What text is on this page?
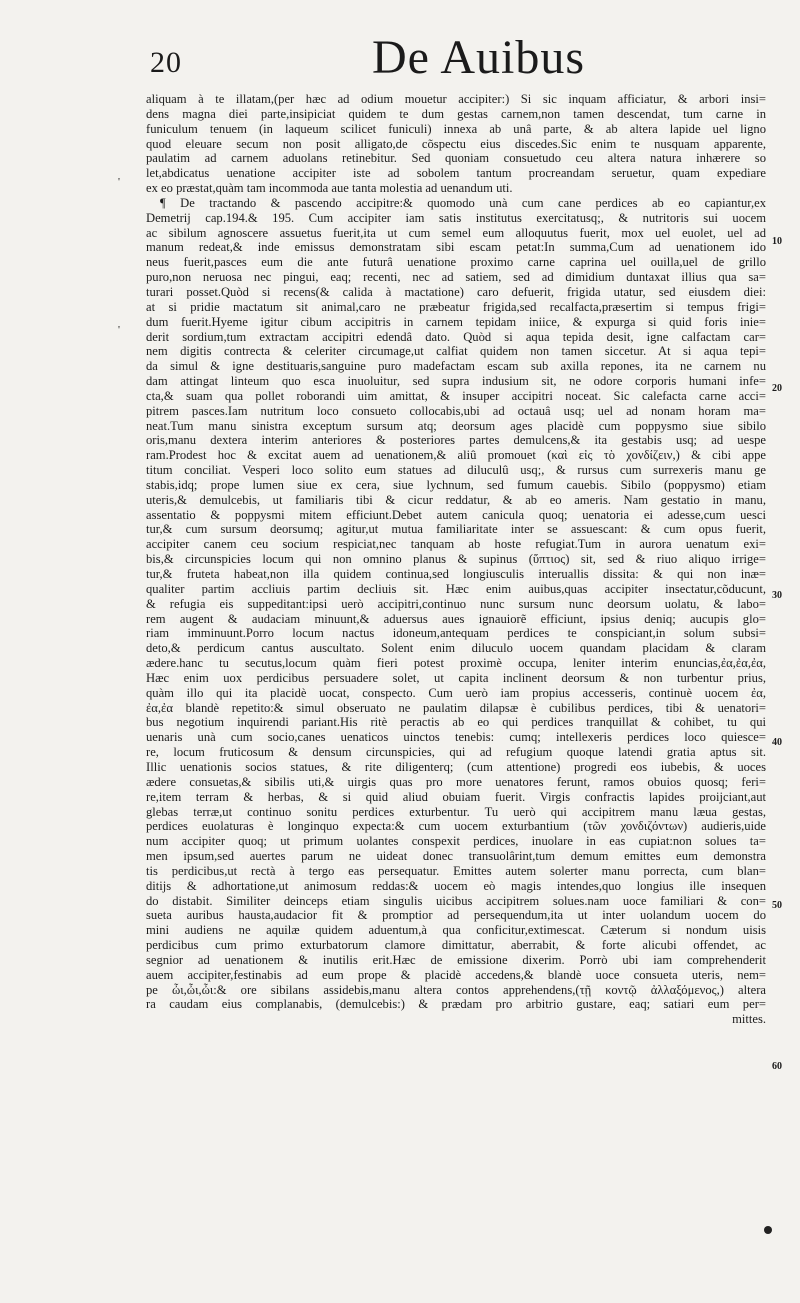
20	De Auibus
'
'
10
20
30
40
50
60
aliquam à te illatam,(per hæc ad odium mouetur accipiter:) Si sic inquam afficiatur, & arbori insi=
dens magna diei parte,insipiciat quidem te dum gestas carnem,non tamen descendat, tum carne in
funiculum tenuem (in laqueum scilicet funiculi) innexa ab unâ parte, & ab altera lapide uel ligno
quod eleuare secum non posit alligato,de cõspectu eius discedes.Sic enim te nusquam apparente,
paulatim ad carnem aduolans retinebitur. Sed quoniam consuetudo ceu altera natura inhærere so
let,abdicatus uenatione accipiter iste ad sobolem tantum procreandam seruetur, quam expediare
ex eo præstat,quàm tam incommoda aue tanta molestia ad uenandum uti.
¶ De tractando & pascendo accipitre:& quomodo unà cum cane perdices ab eo capiantur,ex
Demetrij cap.194.& 195. Cum accipiter iam satis institutus exercitatusq;, & nutritoris sui uocem
ac sibilum agnoscere assuetus fuerit,ita ut cum semel eum alloquutus fuerit, mox uel euolet, uel ad
manum redeat,& inde emissus demonstratam sibi escam petat:In summa,Cum ad uenationem ido
neus fuerit,pasces eum die ante futurâ uenatione proximo carne caprina uel ouilla,uel de grillo
puro,non neruosa nec pingui, eaq; recenti, nec ad satiem, sed ad dimidium duntaxat illius qua sa=
turari posset.Quòd si recens(& calida à mactatione) caro defuerit, frigida utatur, sed eiusdem diei:
at si pridie mactatum sit animal,caro ne præbeatur frigida,sed recalfacta,præsertim si tempus frigi=
dum fuerit.Hyeme igitur cibum accipitris in carnem tepidam iniice, & expurga si quid foris inie=
derit sordium,tum extractam accipitri edendâ dato. Quòd si aqua tepida desit, igne calfactam car=
nem digitis contrecta & celeriter circumage,ut calfiat quidem non tamen siccetur. At si aqua tepi=
da simul & igne destituaris,sanguine puro madefactam escam sub axilla repones, ita ne carnem nu
dam attingat linteum quo esca inuoluitur, sed supra indusium sit, ne odore corporis humani infe=
cta,& suam qua pollet roborandi uim amittat, & insuper accipitri noceat. Sic calefacta carne acci=
pitrem pasces.Iam nutritum loco consueto collocabis,ubi ad octauâ usq; uel ad nonam horam ma=
neat.Tum manu sinistra exceptum sursum atq; deorsum ages placidè cum poppysmo siue sibilo
oris,manu dextera interim anteriores & posteriores partes demulcens,& ita gestabis usq; ad uespe
ram.Prodest hoc & excitat auem ad uenationem,& aliû promouet (καὶ εἰς τὸ χονδίζειν,) & cibi appe
titum conciliat. Vesperi loco solito eum statues ad diluculû usq;, & rursus cum surrexeris manu ge
stabis,idq; prope lumen siue ex cera, siue lychnum, sed fumum cauebis. Sibilo (poppysmo) etiam
uteris,& demulcebis, ut familiaris tibi & cicur reddatur, & ab eo ameris. Nam gestatio in manu,
assentatio & poppysmi mitem efficiunt.Debet autem canicula quoq; uenatoria ei adesse,cum uesci
tur,& cum sursum deorsumq; agitur,ut mutua familiaritate inter se assuescant: & cum opus fuerit,
accipiter canem ceu socium respiciat,nec tanquam ab hoste refugiat.Tum in aurora uenatum exi=
bis,& circunspicies locum qui non omnino planus & supinus (ὕπτιος) sit, sed & riuo aliquo irrige=
tur,& fruteta habeat,non illa quidem continua,sed longiusculis interuallis dissita: & qui non inæ=
qualiter partim accliuis partim decliuis sit. Hæc enim auibus,quas accipiter insectatur,cõducunt,
& refugia eis suppeditant:ipsi uerò accipitri,continuo nunc sursum nunc deorsum uolatu, & labo=
rem augent & audaciam minuunt,& aduersus aues ignauiorẽ efficiunt, ipsius deniq; aucupis glo=
riam imminuunt.Porro locum nactus idoneum,antequam perdices te conspiciant,in solum subsi=
deto,& perdicum cantus auscultato. Solent enim diluculo uocem quandam placidam & claram
ædere.hanc tu secutus,locum quàm fieri potest proximè occupa, leniter interim enuncias,ἐα,ἐα,ἐα,
Hæc enim uox perdicibus persuadere solet, ut capita inclinent deorsum & non turbentur prius,
quàm illo qui ita placidè uocat, conspecto. Cum uerò iam propius accesseris, continuè uocem ἐα,
ἐα,ἐα blandè repetito:& simul obseruato ne paulatim dilapsæ è cubilibus perdices, tibi & uenatori=
bus negotium inquirendi pariant.His ritè peractis ab eo qui perdices tranquillat & cohibet, tu qui
uenaris unà cum socio,canes uenaticos uinctos tenebis: cumq; intellexeris perdices loco quiesce=
re, locum fruticosum & densum circunspicies, qui ad refugium quoque latendi gratia aptus sit.
Illic uenationis socios statues, & rite diligenterq; (cum attentione) progredi eos iubebis, & uoces
ædere consuetas,& sibilis uti,& uirgis quas pro more uenatores ferunt, ramos obuios quosq; feri=
re,item terram & herbas, & si quid aliud obuiam fuerit. Virgis confractis lapides proijciant,aut
glebas terræ,ut continuo sonitu perdices exturbentur. Tu uerò qui accipitrem manu læua gestas,
perdices euolaturas è longinquo expecta:& cum uocem exturbantium (τῶν χονδιζόντων) audieris,uide
num accipiter quoq; ut primum uolantes conspexit perdices, inuolare in eas cupiat:non solues ta=
men ipsum,sed auertes parum ne uideat donec transuolârint,tum demum emittes eum demonstra
tis perdicibus,ut rectà à tergo eas persequatur. Emittes autem solerter manu porrecta, cum blan=
ditijs & adhortatione,ut animosum reddas:& uocem eò magis intendes,quo longius ille insequen
do distabit. Similiter deinceps etiam singulis uicibus accipitrem solues.nam uoce familiari & con=
sueta auribus hausta,audacior fit & promptior ad persequendum,ita ut inter uolandum uocem do
mini audiens ne aquilæ quidem aduentum,à qua conficitur,extimescat. Cæterum si nondum uisis
perdicibus cum primo exturbatorum clamore dimittatur, aberrabit, & forte alicubi offendet, ac
segnior ad uenationem & inutilis erit.Hæc de emissione dixerim. Porrò ubi iam comprehenderit
auem accipiter,festinabis ad eum prope & placidè accedens,& blandè uoce consueta uteris, nem=
pe ὦι,ὦι,ὦι:& ore sibilans assidebis,manu altera contos apprehendens,(τῇ κοντῷ ἀλλαξόμενος,) altera
ra caudam eius complanabis, (demulcebis:) & prædam pro arbitrio gustare, eaq; satiari eum per=
mittes.
